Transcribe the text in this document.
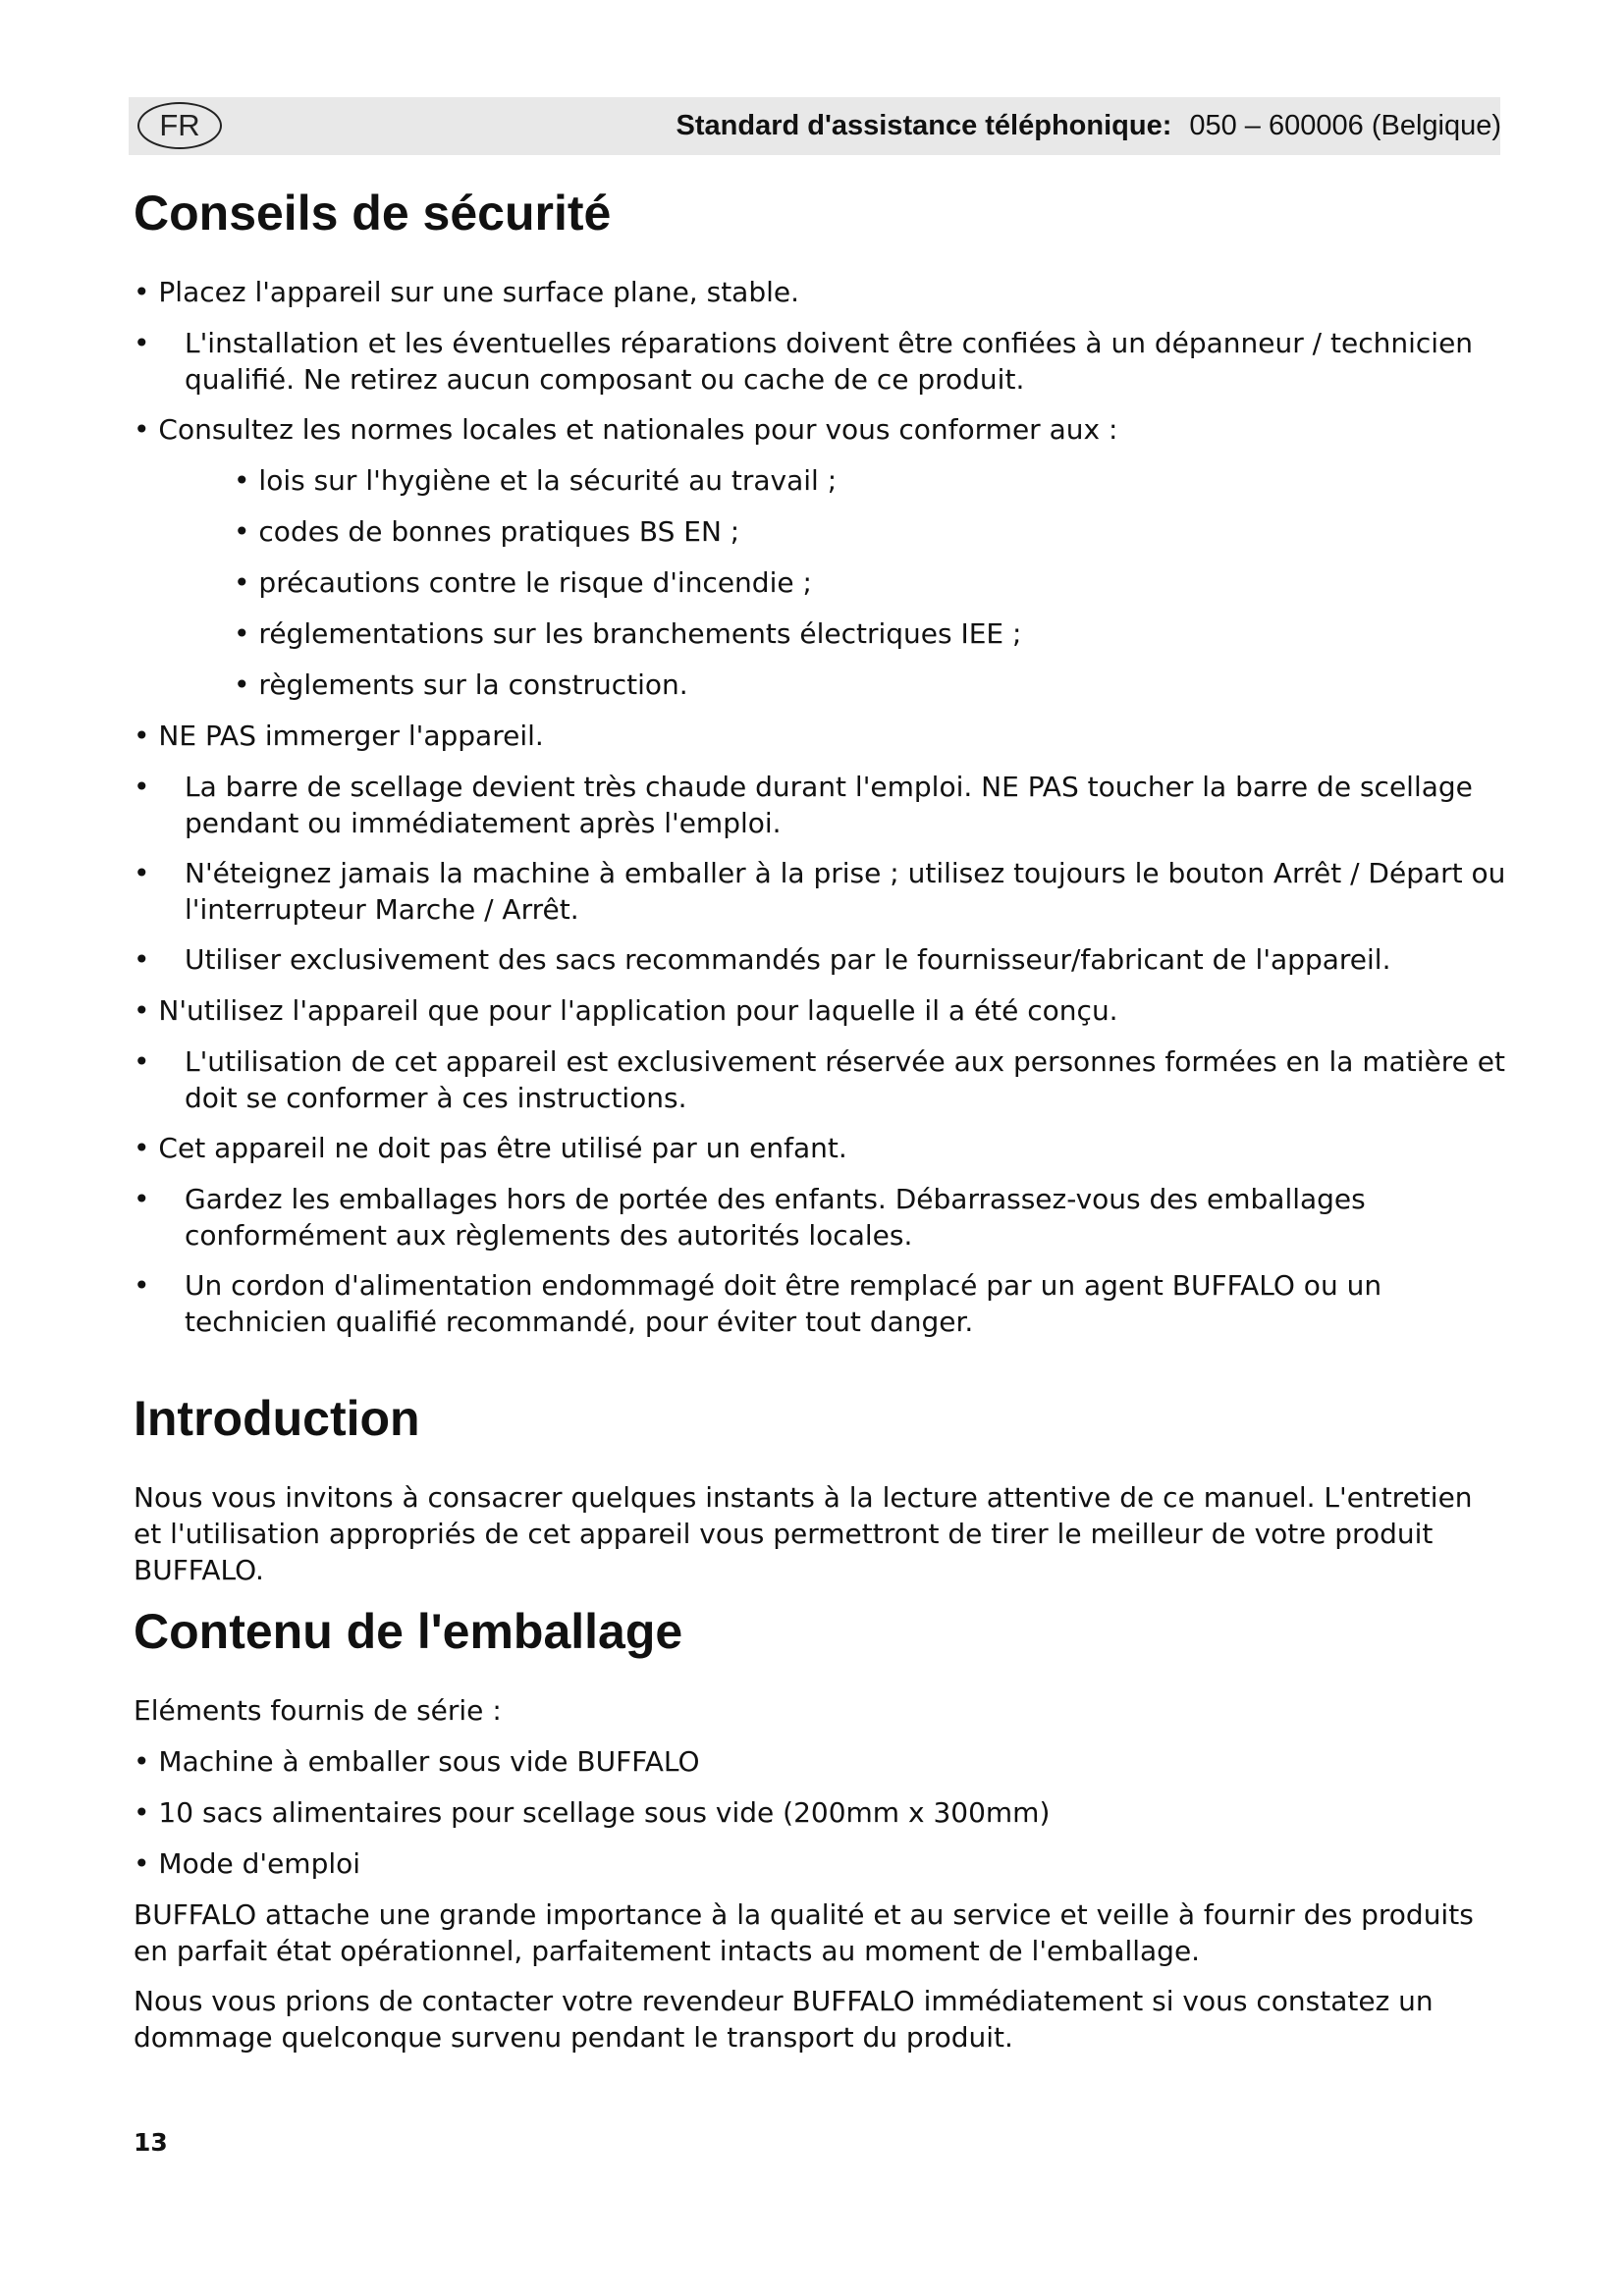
FR	Standard d'assistance téléphonique: 050 – 600006 (Belgique)
Conseils de sécurité
• Placez l'appareil sur une surface plane, stable.
• L'installation et les éventuelles réparations doivent être confiées à un dépanneur / technicien qualifié. Ne retirez aucun composant ou cache de ce produit.
• Consultez les normes locales et nationales pour vous conformer aux :
• lois sur l'hygiène et la sécurité au travail ;
• codes de bonnes pratiques BS EN ;
• précautions contre le risque d'incendie ;
• réglementations sur les branchements électriques IEE ;
• règlements sur la construction.
• NE PAS immerger l'appareil.
• La barre de scellage devient très chaude durant l'emploi. NE PAS toucher la barre de scellage pendant ou immédiatement après l'emploi.
• N'éteignez jamais la machine à emballer à la prise ; utilisez toujours le bouton Arrêt / Départ ou l'interrupteur Marche / Arrêt.
• Utiliser exclusivement des sacs recommandés par le fournisseur/fabricant de l'appareil.
• N'utilisez l'appareil que pour l'application pour laquelle il a été conçu.
• L'utilisation de cet appareil est exclusivement réservée aux personnes formées en la matière et doit se conformer à ces instructions.
• Cet appareil ne doit pas être utilisé par un enfant.
• Gardez les emballages hors de portée des enfants. Débarrassez-vous des emballages conformément aux règlements des autorités locales.
• Un cordon d'alimentation endommagé doit être remplacé par un agent BUFFALO ou un technicien qualifié recommandé, pour éviter tout danger.
Introduction

Nous vous invitons à consacrer quelques instants à la lecture attentive de ce manuel. L'entretien et l'utilisation appropriés de cet appareil vous permettront de tirer le meilleur de votre produit BUFFALO.

Contenu de l'emballage

Eléments fournis de série :

• Machine à emballer sous vide BUFFALO
• 10 sacs alimentaires pour scellage sous vide (200mm x 300mm)
• Mode d'emploi

BUFFALO attache une grande importance à la qualité et au service et veille à fournir des produits en parfait état opérationnel, parfaitement intacts au moment de l'emballage.

Nous vous prions de contacter votre revendeur BUFFALO immédiatement si vous constatez un dommage quelconque survenu pendant le transport du produit.

13
